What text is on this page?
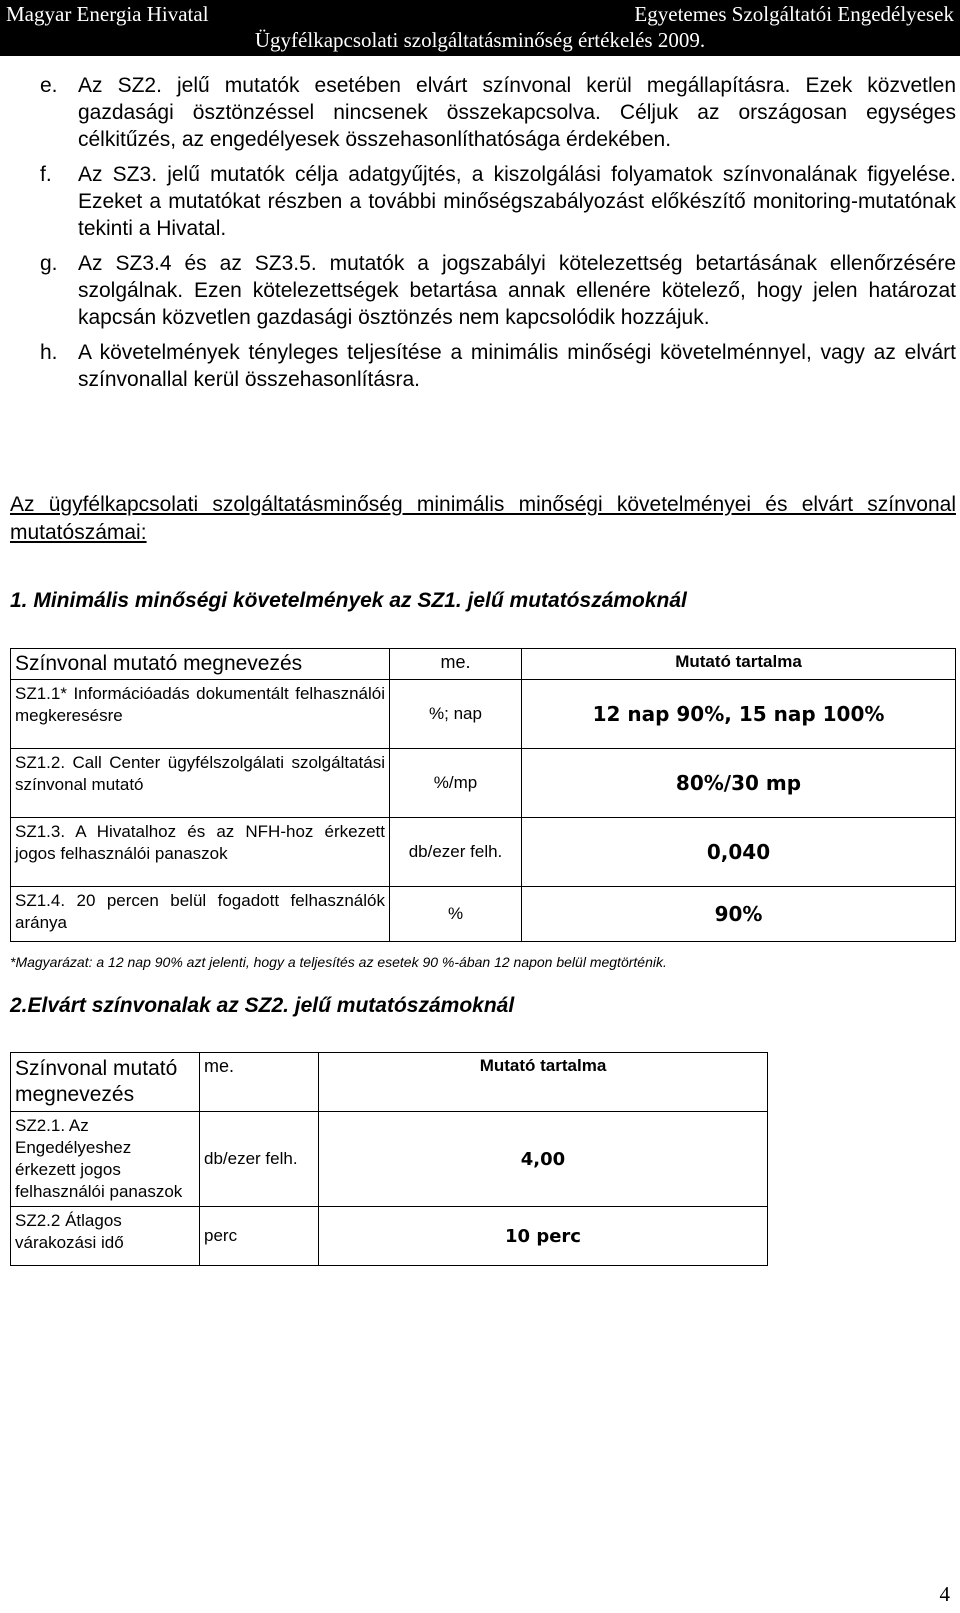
Magyar Energia Hivatal	Egyetemes Szolgáltatói Engedélyesek
Ügyfélkapcsolati szolgáltatásminőség értékelés 2009.

e. Az SZ2. jelű mutatók esetében elvárt színvonal kerül megállapításra. Ezek közvetlen gazdasági ösztönzéssel nincsenek összekapcsolva. Céljuk az országosan egységes célkitűzés, az engedélyesek összehasonlíthatósága érdekében.

f.	Az SZ3. jelű mutatók célja adatgyűjtés, a kiszolgálási folyamatok színvonalának figyelése. Ezeket a mutatókat részben a további minőségszabályozást előkészítő monitoring-mutatónak tekinti a Hivatal.

g. Az SZ3.4 és az SZ3.5. mutatók a jogszabályi kötelezettség betartásának ellenőrzésére szolgálnak. Ezen kötelezettségek betartása annak ellenére kötelező, hogy jelen határozat kapcsán közvetlen gazdasági ösztönzés nem kapcsolódik hozzájuk.

h. A követelmények tényleges teljesítése a minimális minőségi követelménnyel, vagy az elvárt színvonallal kerül összehasonlításra.

Az ügyfélkapcsolati szolgáltatásminőség minimális minőségi követelményei és elvárt színvonal mutatószámai:
1. Minimális minőségi követelmények az SZ1. jelű mutatószámoknál
Színvonal mutató megnevezés	me.	Mutató tartalma
SZ1.1* Információadás dokumentált felhasználói megkeresésre	%; nap	12 nap 90%, 15 nap 100%
SZ1.2. Call Center ügyfélszolgálati szolgáltatási színvonal mutató	%/mp	80%/30 mp
SZ1.3. A Hivatalhoz és az NFH-hoz érkezett jogos felhasználói panaszok	db/ezer felh.	0,040
SZ1.4. 20 percen belül fogadott felhasználók aránya	%	90%
*Magyarázat: a 12 nap 90% azt jelenti, hogy a teljesítés az esetek 90 %-ában 12 napon belül megtörténik.
2.Elvárt színvonalak az SZ2. jelű mutatószámoknál
Színvonal mutató megnevezés	me.	Mutató tartalma
SZ2.1. Az Engedélyeshez érkezett jogos felhasználói panaszok	db/ezer felh.	4,00
SZ2.2 Átlagos várakozási idő	perc	10 perc
4
